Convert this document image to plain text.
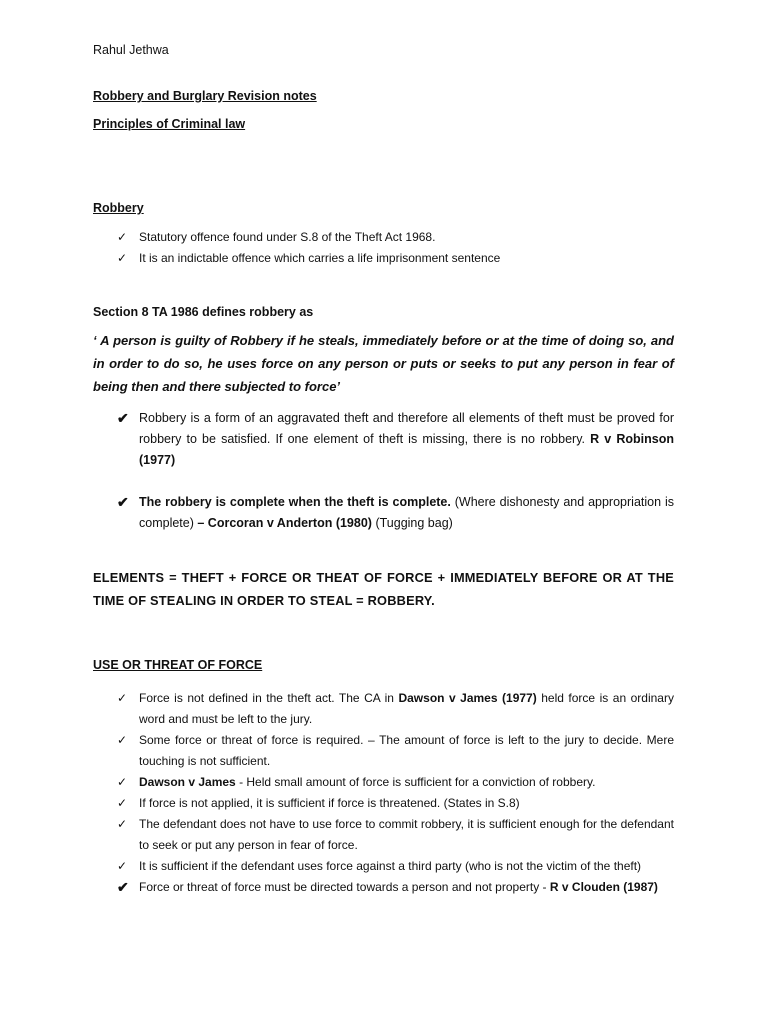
Rahul Jethwa
Robbery and Burglary Revision notes
Principles of Criminal law
Robbery
✓ Statutory offence found under S.8 of the Theft Act 1968.
✓ It is an indictable offence which carries a life imprisonment sentence
Section 8 TA 1986 defines robbery as
‘ A person is guilty of Robbery if he steals, immediately before or at the time of doing so, and in order to do so, he uses force on any person or puts or seeks to put any person in fear of being then and there subjected to force’
✔ Robbery is a form of an aggravated theft and therefore all elements of theft must be proved for robbery to be satisfied. If one element of theft is missing, there is no robbery. R v Robinson (1977)
✔ The robbery is complete when the theft is complete. (Where dishonesty and appropriation is complete) – Corcoran v Anderton (1980) (Tugging bag)
ELEMENTS = THEFT + FORCE OR THEAT OF FORCE + IMMEDIATELY BEFORE OR AT THE TIME OF STEALING IN ORDER TO STEAL = ROBBERY.
USE OR THREAT OF FORCE
✓ Force is not defined in the theft act. The CA in Dawson v James (1977) held force is an ordinary word and must be left to the jury.
✓ Some force or threat of force is required. – The amount of force is left to the jury to decide. Mere touching is not sufficient.
✓ Dawson v James - Held small amount of force is sufficient for a conviction of robbery.
✓ If force is not applied, it is sufficient if force is threatened. (States in S.8)
✓ The defendant does not have to use force to commit robbery, it is sufficient enough for the defendant to seek or put any person in fear of force.
✓ It is sufficient if the defendant uses force against a third party (who is not the victim of the theft)
✔ Force or threat of force must be directed towards a person and not property - R v Clouden (1987)
